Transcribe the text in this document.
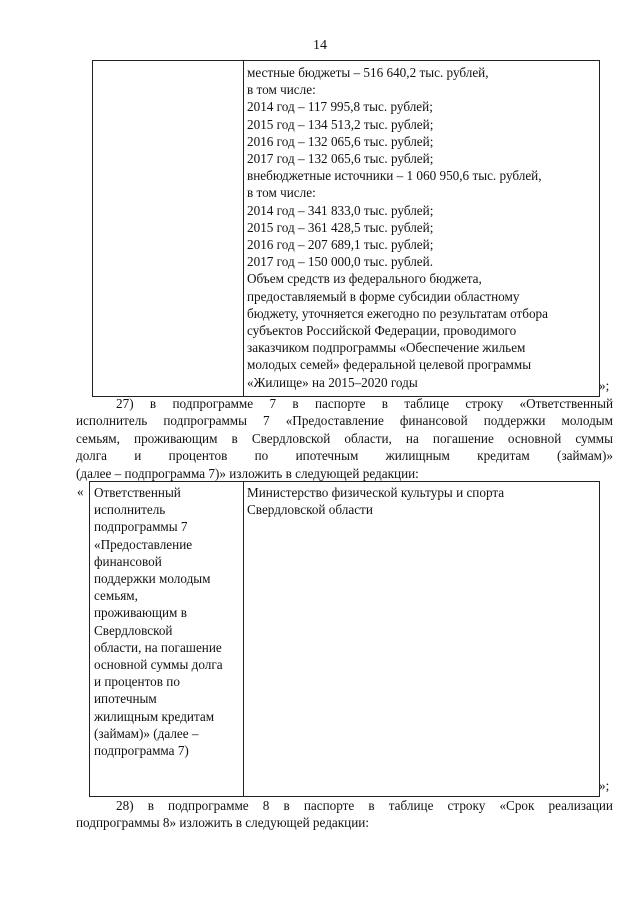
14
местные бюджеты – 516 640,2 тыс. рублей,
в том числе:
2014 год – 117 995,8 тыс. рублей;
2015 год – 134 513,2 тыс. рублей;
2016 год – 132 065,6 тыс. рублей;
2017 год – 132 065,6 тыс. рублей;
внебюджетные источники – 1 060 950,6 тыс. рублей,
в том числе:
2014 год – 341 833,0 тыс. рублей;
2015 год – 361 428,5 тыс. рублей;
2016 год – 207 689,1 тыс. рублей;
2017 год – 150 000,0 тыс. рублей.
Объем средств из федерального бюджета,
предоставляемый в форме субсидии областному
бюджету, уточняется ежегодно по результатам отбора
субъектов Российской Федерации, проводимого
заказчиком подпрограммы «Обеспечение жильем
молодых семей» федеральной целевой программы
«Жилище» на 2015–2020 годы	»;
27) в подпрограмме 7 в паспорте в таблице строку «Ответственный
исполнитель подпрограммы 7 «Предоставление финансовой поддержки молодым
семьям, проживающим в Свердловской области, на погашение основной суммы
долга и процентов по ипотечным жилищным кредитам (займам)»
(далее – подпрограмма 7)» изложить в следующей редакции:
« Ответственный
исполнитель
подпрограммы 7
«Предоставление
финансовой
поддержки молодым
семьям,
проживающим в
Свердловской
области, на погашение
основной суммы долга
и процентов по
ипотечным
жилищным кредитам
(займам)» (далее –
подпрограмма 7)
Министерство физической культуры и спорта
Свердловской области
»;
28) в подпрограмме 8 в паспорте в таблице строку «Срок реализации
подпрограммы 8» изложить в следующей редакции:
